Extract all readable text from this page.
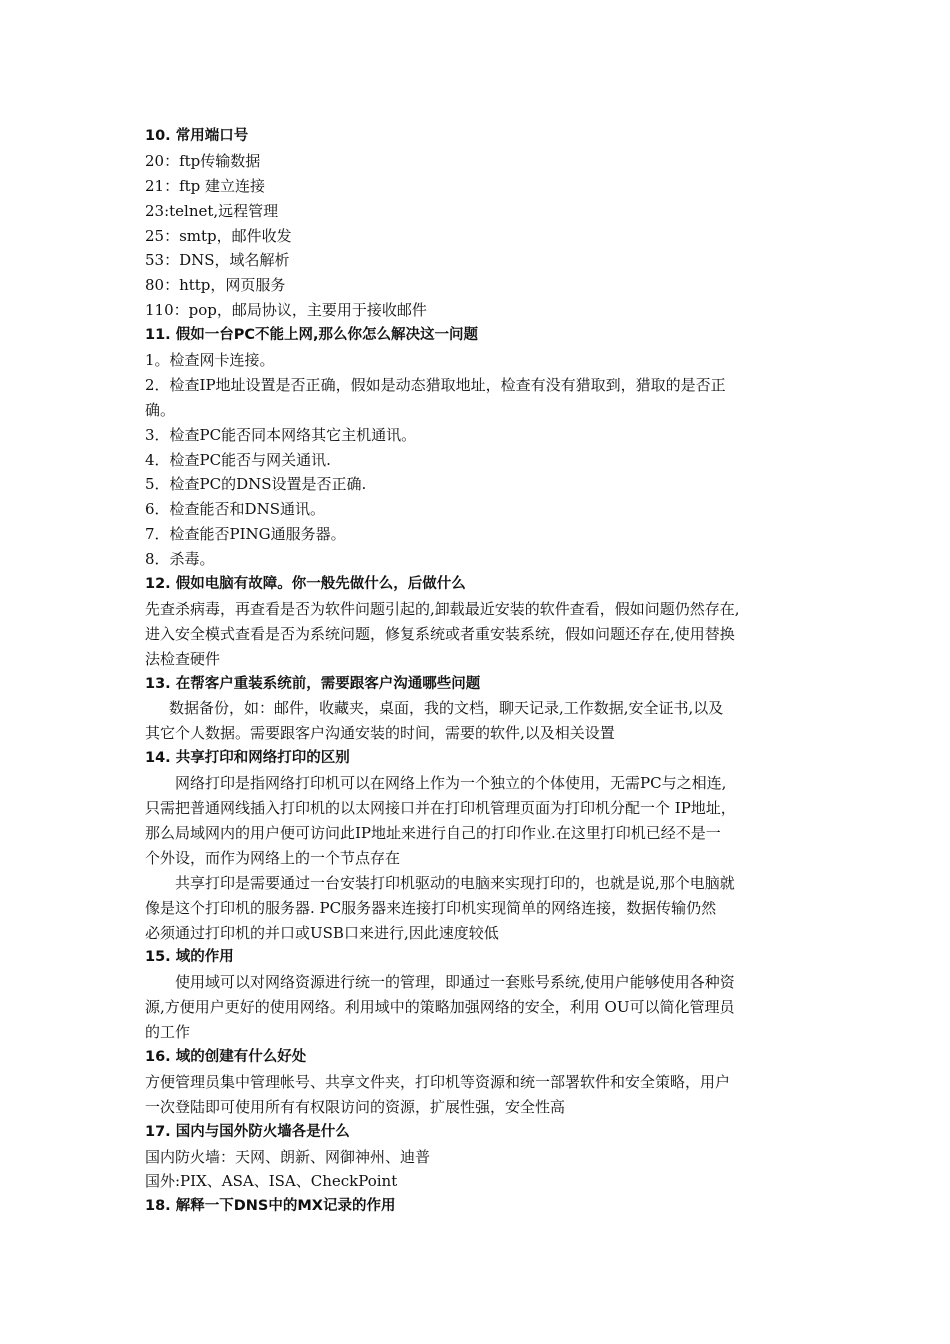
10. 常用端口号
20：ftp传输数据
21：ftp 建立连接
23:telnet,远程管理
25：smtp，邮件收发
53：DNS，域名解析
80：http，网页服务
110：pop，邮局协议，主要用于接收邮件
11. 假如一台PC不能上网,那么你怎么解决这一问题
1。检查网卡连接。
2．检查IP地址设置是否正确，假如是动态猎取地址，检查有没有猎取到，猎取的是否正
确。
3．检查PC能否同本网络其它主机通讯。
4．检查PC能否与网关通讯.
5．检查PC的DNS设置是否正确.
6．检查能否和DNS通讯。
7．检查能否PING通服务器。
8．杀毒。
12. 假如电脑有故障。你一般先做什么，后做什么
先查杀病毒，再查看是否为软件问题引起的,卸载最近安装的软件查看，假如问题仍然存在,
进入安全模式查看是否为系统问题，修复系统或者重安装系统，假如问题还存在,使用替换
法检查硬件
13. 在帮客户重装系统前，需要跟客户沟通哪些问题
数据备份，如：邮件，收藏夹，桌面，我的文档，聊天记录,工作数据,安全证书,以及
其它个人数据。需要跟客户沟通安装的时间，需要的软件,以及相关设置
14. 共享打印和网络打印的区别
网络打印是指网络打印机可以在网络上作为一个独立的个体使用，无需PC与之相连,
只需把普通网线插入打印机的以太网接口并在打印机管理页面为打印机分配一个 IP地址，
那么局域网内的用户便可访问此IP地址来进行自己的打印作业.在这里打印机已经不是一
个外设，而作为网络上的一个节点存在
共享打印是需要通过一台安装打印机驱动的电脑来实现打印的，也就是说,那个电脑就
像是这个打印机的服务器. PC服务器来连接打印机实现简单的网络连接，数据传输仍然
必须通过打印机的并口或USB口来进行,因此速度较低
15. 域的作用
使用域可以对网络资源进行统一的管理，即通过一套账号系统,使用户能够使用各种资
源,方便用户更好的使用网络。利用域中的策略加强网络的安全，利用 OU可以简化管理员
的工作
16. 域的创建有什么好处
方便管理员集中管理帐号、共享文件夹，打印机等资源和统一部署软件和安全策略，用户
一次登陆即可使用所有有权限访问的资源，扩展性强，安全性高
17. 国内与国外防火墙各是什么
国内防火墙：天网、朗新、网御神州、迪普
国外:PIX、ASA、ISA、CheckPoint
18. 解释一下DNS中的MX记录的作用
